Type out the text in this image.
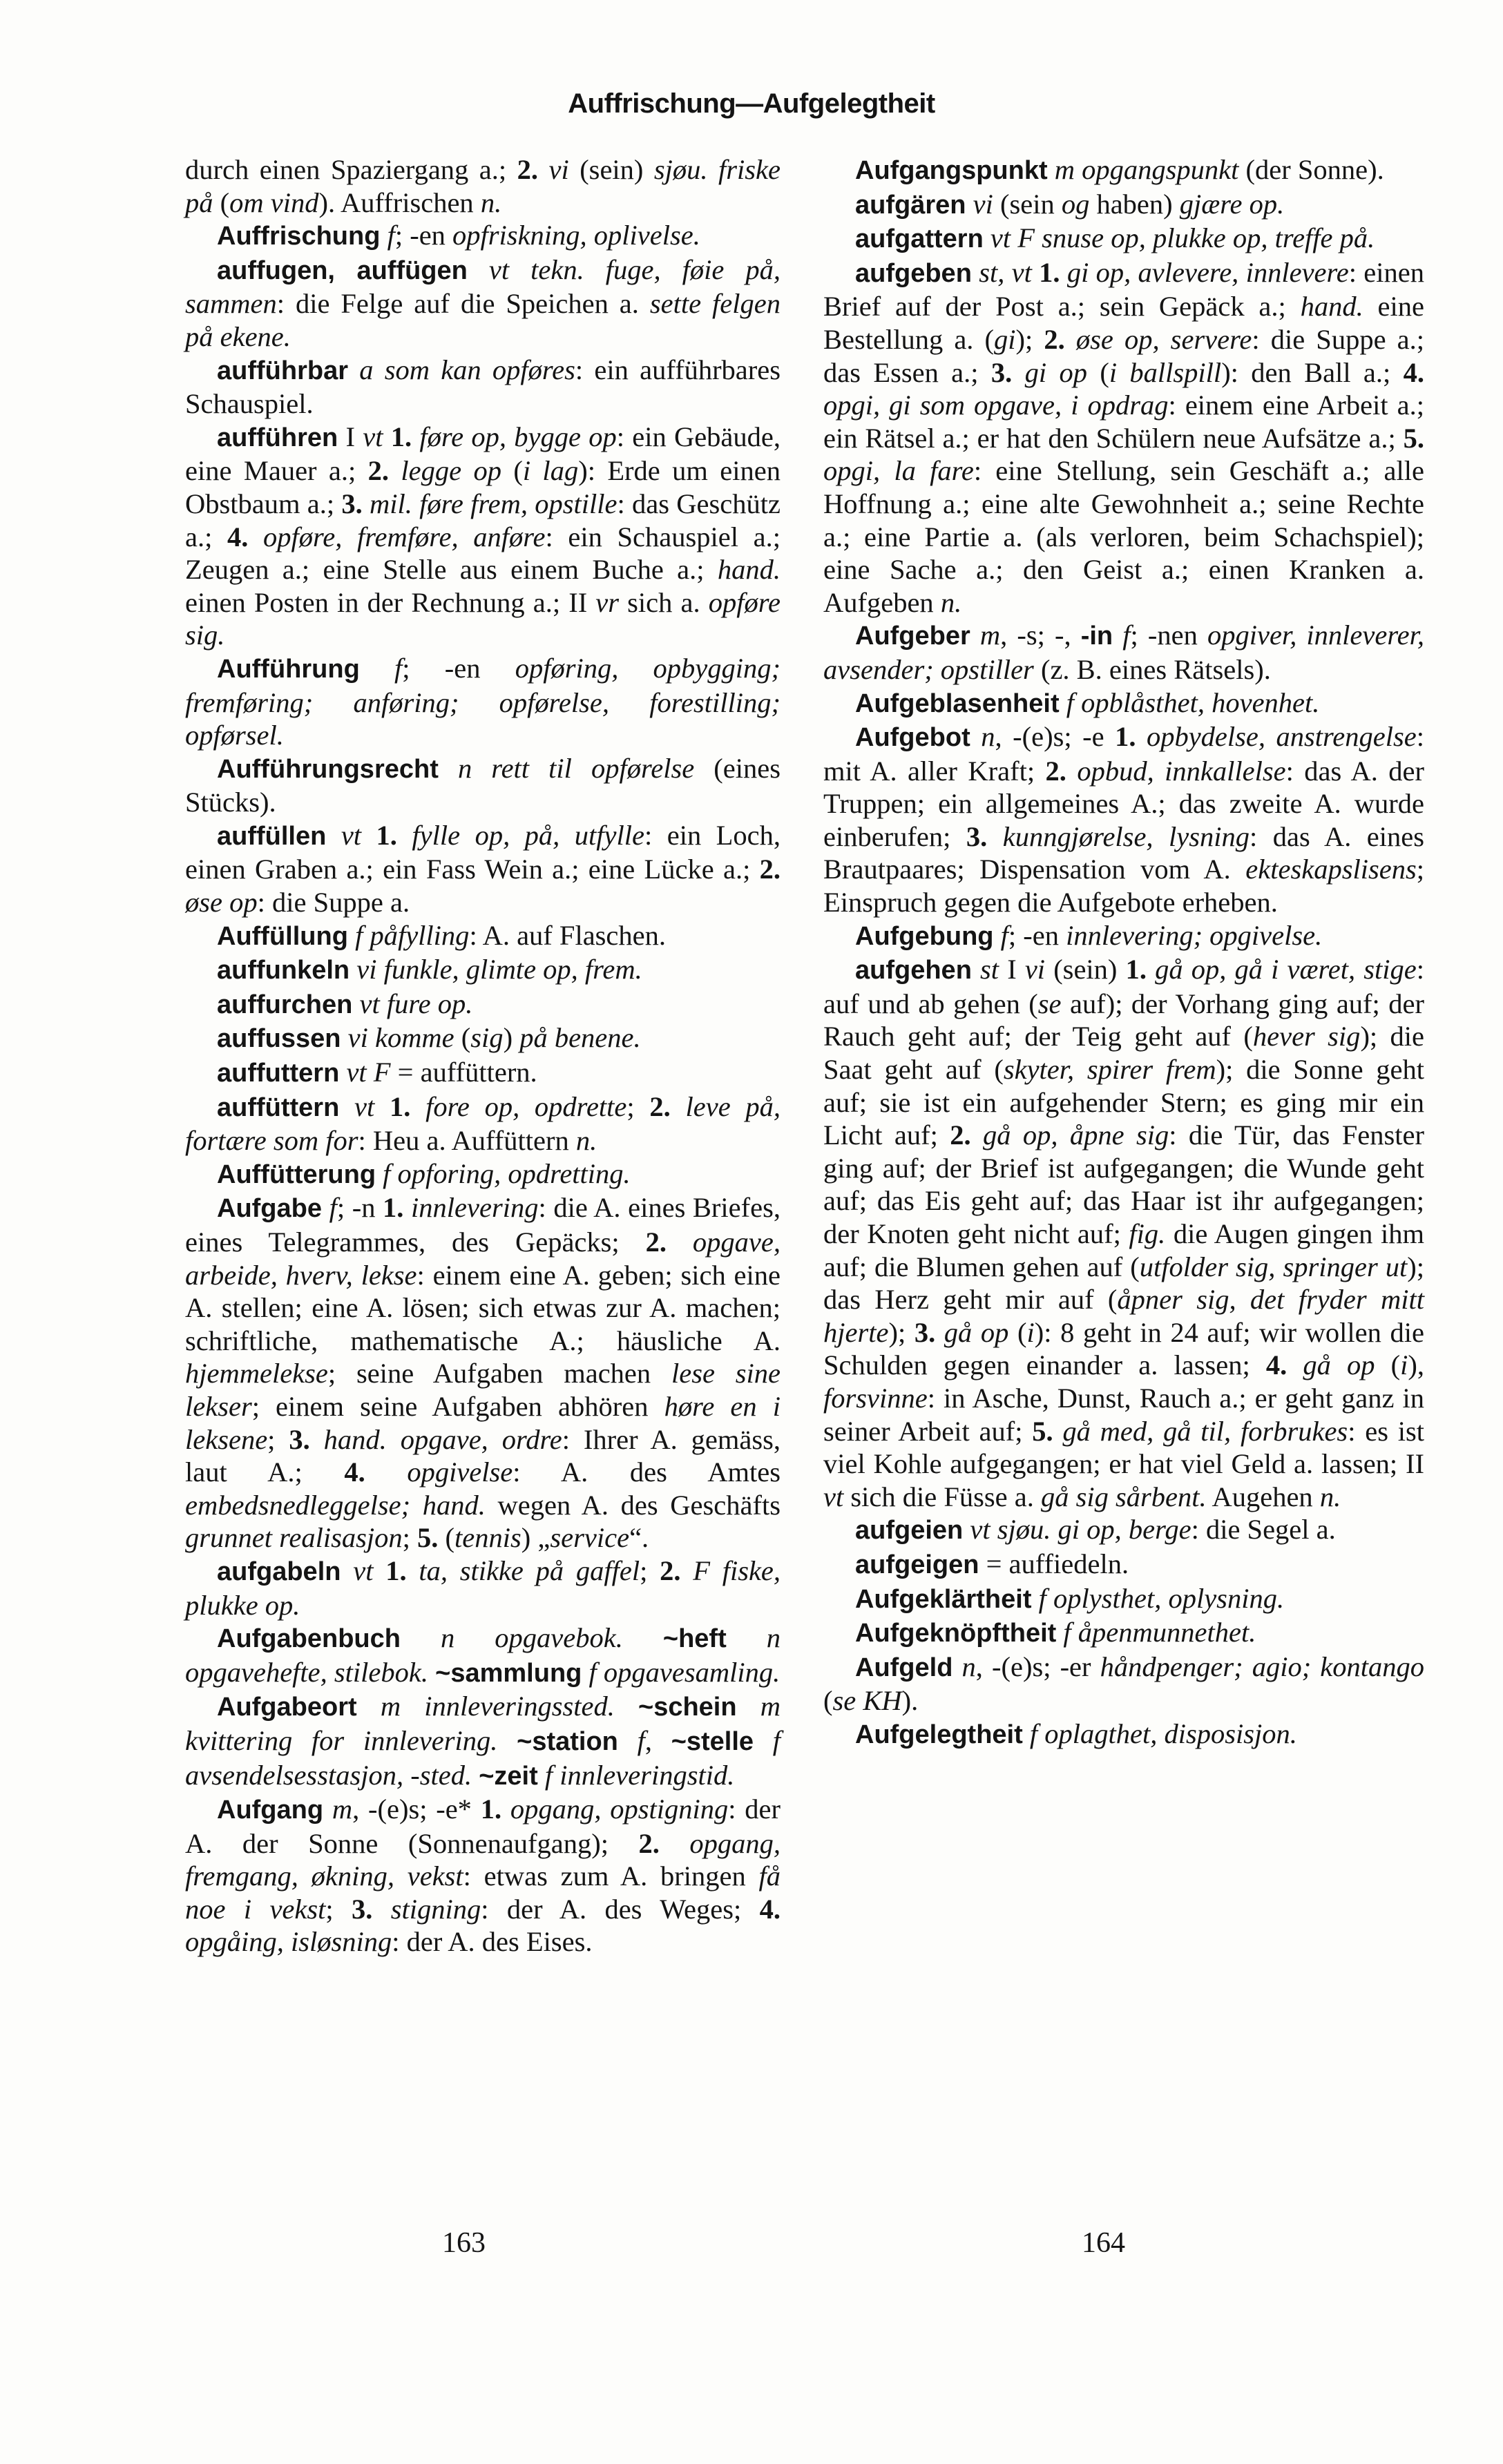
Auffrischung—Aufgelegtheit

durch einen Spaziergang a.; 2. vi (sein) sjøu. friske på (om vind). Auffrischen n.

Auffrischung f; -en opfriskning, oplivelse.

auffugen, auffügen vt tekn. fuge, føie på, sammen: die Felge auf die Speichen a. sette felgen på ekene.

aufführbar a som kan opføres: ein aufführbares Schauspiel.

aufführen I vt 1. føre op, bygge op: ein Gebäude, eine Mauer a.; 2. legge op (i lag): Erde um einen Obstbaum a.; 3. mil. føre frem, opstille: das Geschütz a.; 4. opføre, fremføre, anføre: ein Schauspiel a.; Zeugen a.; eine Stelle aus einem Buche a.; hand. einen Posten in der Rechnung a.; II vr sich a. opføre sig.

Aufführung f; -en opføring, opbygging; fremføring; anføring; opførelse, forestilling; opførsel.

Aufführungsrecht n rett til opførelse (eines Stücks).

auffüllen vt 1. fylle op, på, utfylle: ein Loch, einen Graben a.; ein Fass Wein a.; eine Lücke a.; 2. øse op: die Suppe a.

Auffüllung f påfylling: A. auf Flaschen.

auffunkeln vi funkle, glimte op, frem.

auffurchen vt fure op.

auffussen vi komme (sig) på benene.

auffuttern vt F = auffüttern.

auffüttern vt 1. fore op, opdrette; 2. leve på, fortære som for: Heu a. Auffüttern n.

Auffütterung f opforing, opdretting.

Aufgabe f; -n 1. innlevering: die A. eines Briefes, eines Telegrammes, des Gepäcks; 2. opgave, arbeide, hverv, lekse: einem eine A. geben; sich eine A. stellen; eine A. lösen; sich etwas zur A. machen; schriftliche, mathematische A.; häusliche A. hjemmelekse; seine Aufgaben machen lese sine lekser; einem seine Aufgaben abhören høre en i leksene; 3. hand. opgave, ordre: Ihrer A. gemäss, laut A.; 4. opgivelse: A. des Amtes embedsnedleggelse; hand. wegen A. des Geschäfts grunnet realisasjon; 5. (tennis) „service“.

aufgabeln vt 1. ta, stikke på gaffel; 2. F fiske, plukke op.

Aufgabenbuch n opgavebok. ~heft n opgavehefte, stilebok. ~sammlung f opgavesamling.

Aufgabeort m innleveringssted. ~schein m kvittering for innlevering. ~station f, ~stelle f avsendelsesstasjon, -sted. ~zeit f innleveringstid.

Aufgang m, -(e)s; -e* 1. opgang, opstigning: der A. der Sonne (Sonnenaufgang); 2. opgang, fremgang, økning, vekst: etwas zum A. bringen få noe i vekst; 3. stigning: der A. des Weges; 4. opgåing, isløsning: der A. des Eises.

Aufgangspunkt m opgangspunkt (der Sonne).

aufgären vi (sein og haben) gjære op.

aufgattern vt F snuse op, plukke op, treffe på.

aufgeben st, vt 1. gi op, avlevere, innlevere: einen Brief auf der Post a.; sein Gepäck a.; hand. eine Bestellung a. (gi); 2. øse op, servere: die Suppe a.; das Essen a.; 3. gi op (i ballspill): den Ball a.; 4. opgi, gi som opgave, i opdrag: einem eine Arbeit a.; ein Rätsel a.; er hat den Schülern neue Aufsätze a.; 5. opgi, la fare: eine Stellung, sein Geschäft a.; alle Hoffnung a.; eine alte Gewohnheit a.; seine Rechte a.; eine Partie a. (als verloren, beim Schachspiel); eine Sache a.; den Geist a.; einen Kranken a. Aufgeben n.

Aufgeber m, -s; -, -in f; -nen opgiver, innleverer, avsender; opstiller (z. B. eines Rätsels).

Aufgeblasenheit f opblåsthet, hovenhet.

Aufgebot n, -(e)s; -e 1. opbydelse, anstrengelse: mit A. aller Kraft; 2. opbud, innkallelse: das A. der Truppen; ein allgemeines A.; das zweite A. wurde einberufen; 3. kunngjørelse, lysning: das A. eines Brautpaares; Dispensation vom A. ekteskapslisens; Einspruch gegen die Aufgebote erheben.

Aufgebung f; -en innlevering; opgivelse.

aufgehen st I vi (sein) 1. gå op, gå i været, stige: auf und ab gehen (se auf); der Vorhang ging auf; der Rauch geht auf; der Teig geht auf (hever sig); die Saat geht auf (skyter, spirer frem); die Sonne geht auf; sie ist ein aufgehender Stern; es ging mir ein Licht auf; 2. gå op, åpne sig: die Tür, das Fenster ging auf; der Brief ist aufgegangen; die Wunde geht auf; das Eis geht auf; das Haar ist ihr aufgegangen; der Knoten geht nicht auf; fig. die Augen gingen ihm auf; die Blumen gehen auf (utfolder sig, springer ut); das Herz geht mir auf (åpner sig, det fryder mitt hjerte); 3. gå op (i): 8 geht in 24 auf; wir wollen die Schulden gegen einander a. lassen; 4. gå op (i), forsvinne: in Asche, Dunst, Rauch a.; er geht ganz in seiner Arbeit auf; 5. gå med, gå til, forbrukes: es ist viel Kohle aufgegangen; er hat viel Geld a. lassen; II vt sich die Füsse a. gå sig sårbent. Augehen n.

aufgeien vt sjøu. gi op, berge: die Segel a.

aufgeigen = auffiedeln.

Aufgeklärtheit f oplysthet, oplysning.

Aufgeknöpftheit f åpenmunnethet.

Aufgeld n, -(e)s; -er håndpenger; agio; kontango (se KH).

Aufgelegtheit f oplagthet, disposisjon.

163	164
